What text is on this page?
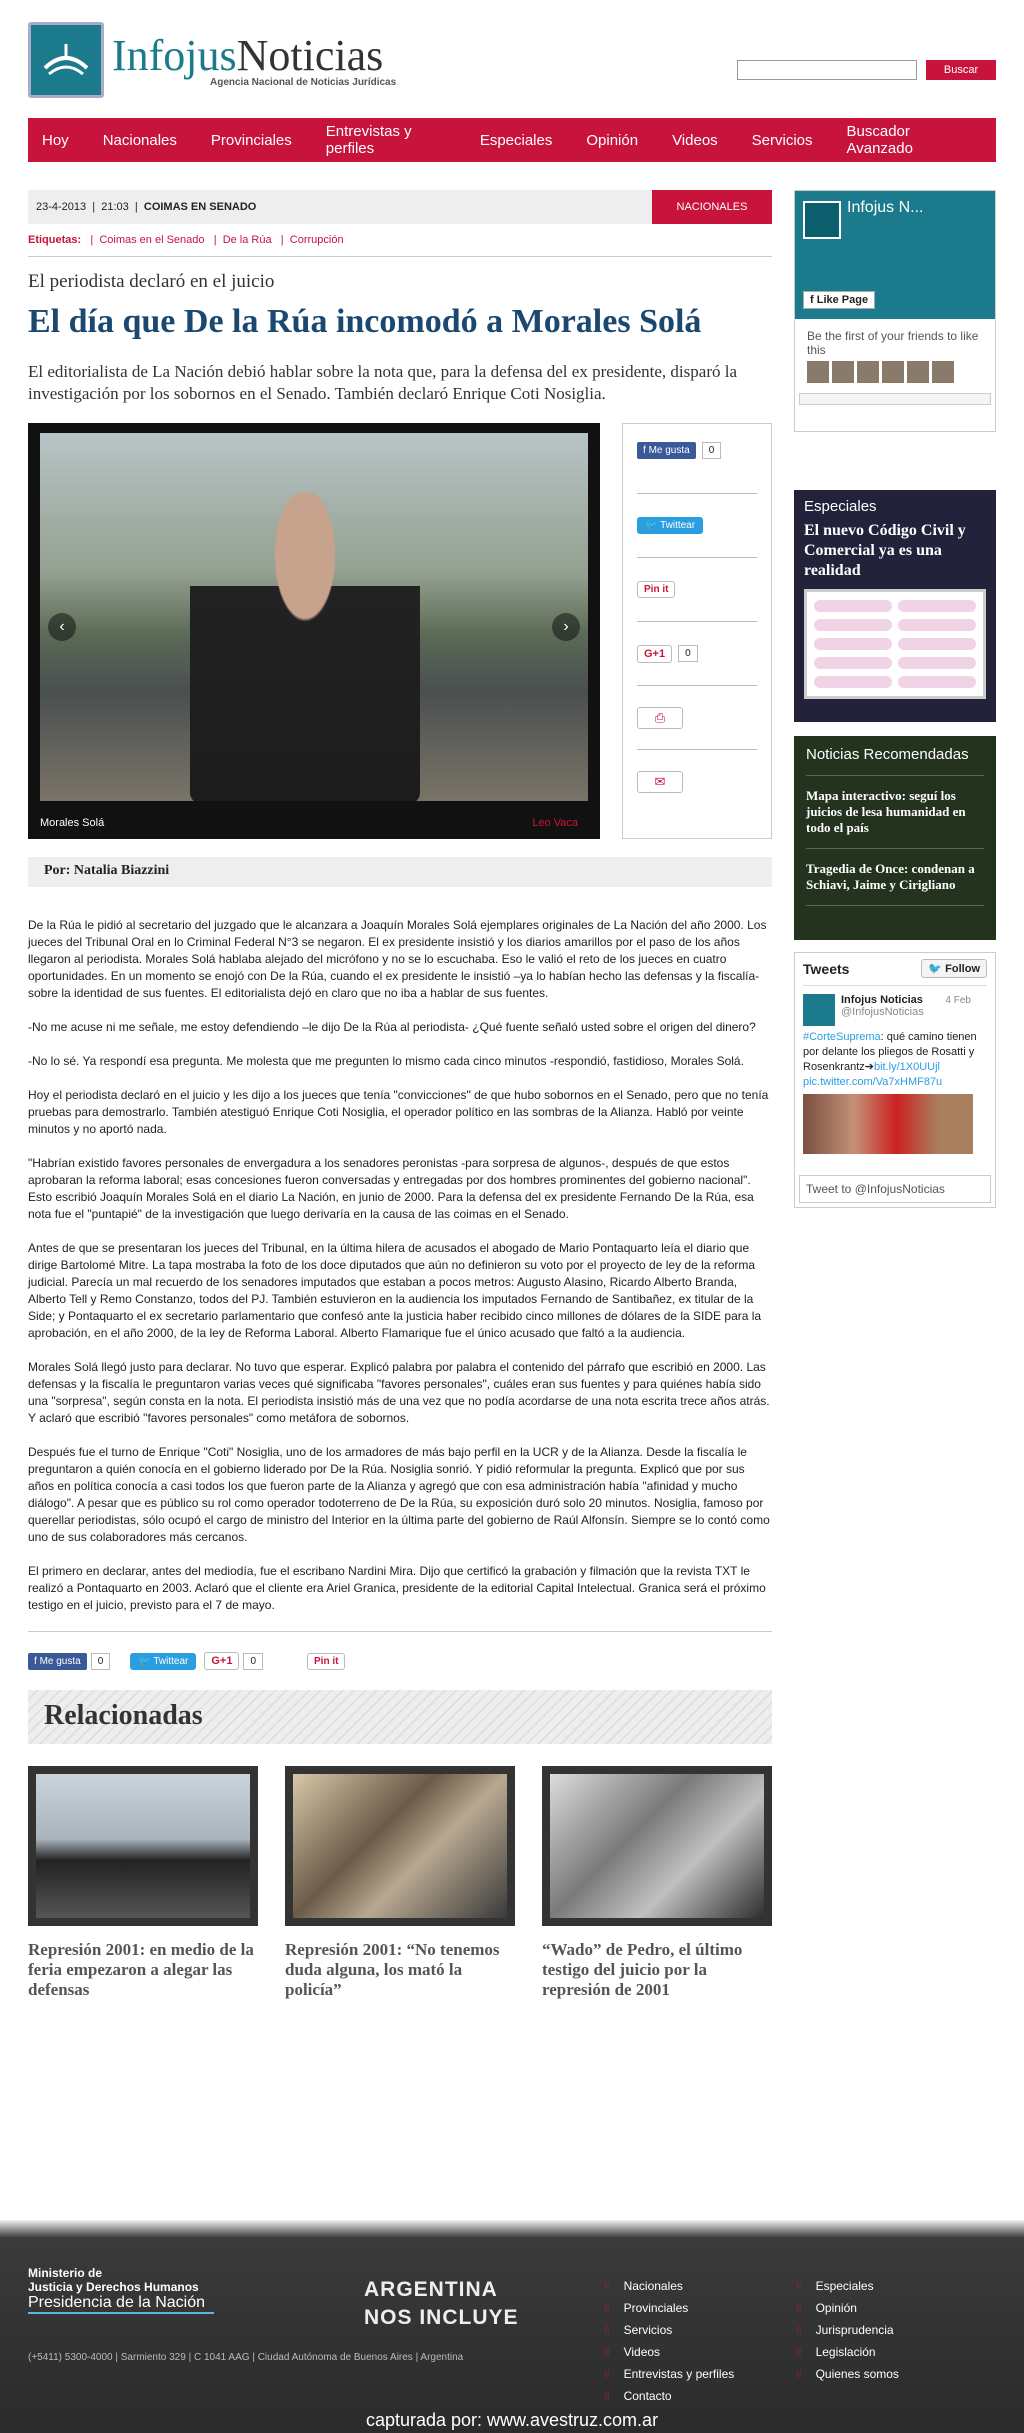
InfojusNoticias
Agencia Nacional de Noticias Jurídicas
Buscar
Hoy Nacionales Provinciales Entrevistas y perfiles	Especiales Opinión Videos Servicios Buscador Avanzado
23-4-2013 | 21:03 | COIMAS EN SENADO	NACIONALES
Etiquetas:   |  Coimas en el Senado   |  De la Rúa   |  Corrupción
El periodista declaró en el juicio
El día que De la Rúa incomodó a Morales Solá

El editorialista de La Nación debió hablar sobre la nota que, para la defensa del ex presidente, disparó la investigación por los sobornos en el Senado. También declaró Enrique Coti Nosiglia.

‹	›
Morales Solá	Leo Vaca
f Me gusta	0
🐦 Twittear
Pin it
G+1	0
⎙
✉
Por: Natalia Biazzini

De la Rúa le pidió al secretario del juzgado que le alcanzara a Joaquín Morales Solá ejemplares originales de La Nación del año 2000. Los jueces del Tribunal Oral en lo Criminal Federal N°3 se negaron. El ex presidente insistió y los diarios amarillos por el paso de los años llegaron al periodista. Morales Solá hablaba alejado del micrófono y no se lo escuchaba. Eso le valió el reto de los jueces en cuatro oportunidades. En un momento se enojó con De la Rúa, cuando el ex presidente le insistió –ya lo habían hecho las defensas y la fiscalía- sobre la identidad de sus fuentes. El editorialista dejó en claro que no iba a hablar de sus fuentes.

-No me acuse ni me señale, me estoy defendiendo –le dijo De la Rúa al periodista- ¿Qué fuente señaló usted sobre el origen del dinero?

-No lo sé. Ya respondí esa pregunta. Me molesta que me pregunten lo mismo cada cinco minutos -respondió, fastidioso, Morales Solá.

Hoy el periodista declaró en el juicio y les dijo a los jueces que tenía "convicciones" de que hubo sobornos en el Senado, pero que no tenía pruebas para demostrarlo. También atestiguó Enrique Coti Nosiglia, el operador político en las sombras de la Alianza. Habló por veinte minutos y no aportó nada.

"Habrían existido favores personales de envergadura a los senadores peronistas -para sorpresa de algunos-, después de que estos aprobaran la reforma laboral; esas concesiones fueron conversadas y entregadas por dos hombres prominentes del gobierno nacional". Esto escribió Joaquín Morales Solá en el diario La Nación, en junio de 2000. Para la defensa del ex presidente Fernando De la Rúa, esa nota fue el "puntapié" de la investigación que luego derivaría en la causa de las coimas en el Senado.

Antes de que se presentaran los jueces del Tribunal, en la última hilera de acusados el abogado de Mario Pontaquarto leía el diario que dirige Bartolomé Mitre. La tapa mostraba la foto de los doce diputados que aún no definieron su voto por el proyecto de ley de la reforma judicial. Parecía un mal recuerdo de los senadores imputados que estaban a pocos metros: Augusto Alasino, Ricardo Alberto Branda, Alberto Tell y Remo Constanzo, todos del PJ. También estuvieron en la audiencia los imputados Fernando de Santibañez, ex titular de la Side; y Pontaquarto el ex secretario parlamentario que confesó ante la justicia haber recibido cinco millones de dólares de la SIDE para la aprobación, en el año 2000, de la ley de Reforma Laboral. Alberto Flamarique fue el único acusado que faltó a la audiencia.

Morales Solá llegó justo para declarar. No tuvo que esperar. Explicó palabra por palabra el contenido del párrafo que escribió en 2000. Las defensas y la fiscalía le preguntaron varias veces qué significaba "favores personales", cuáles eran sus fuentes y para quiénes había sido una "sorpresa", según consta en la nota. El periodista insistió más de una vez que no podía acordarse de una nota escrita trece años atrás. Y aclaró que escribió "favores personales" como metáfora de sobornos.

Después fue el turno de Enrique "Coti" Nosiglia, uno de los armadores de más bajo perfil en la UCR y de la Alianza. Desde la fiscalía le preguntaron a quién conocía en el gobierno liderado por De la Rúa. Nosiglia sonrió. Y pidió reformular la pregunta. Explicó que por sus años en política conocía a casi todos los que fueron parte de la Alianza y agregó que con esa administración había "afinidad y mucho diálogo". A pesar que es público su rol como operador todoterreno de De la Rúa, su exposición duró solo 20 minutos. Nosiglia, famoso por querellar periodistas, sólo ocupó el cargo de ministro del Interior en la última parte del gobierno de Raúl Alfonsín. Siempre se lo contó como uno de sus colaboradores más cercanos.

El primero en declarar, antes del mediodía, fue el escribano Nardini Mira. Dijo que certificó la grabación y filmación que la revista TXT le realizó a Pontaquarto en 2003. Aclaró que el cliente era Ariel Granica, presidente de la editorial Capital Intelectual. Granica será el próximo testigo en el juicio, previsto para el 7 de mayo.

f Me gusta	0	🐦 Twittear	G+1	0	Pin it
Relacionadas
Represión 2001: en medio de la feria empezaron a alegar las defensas
Represión 2001: “No tenemos duda alguna, los mató la policía”
“Wado” de Pedro, el último testigo del juicio por la represión de 2001
Infojus N...
f Like Page
Be the first of your friends to like this
Especiales
El nuevo Código Civil y Comercial ya es una realidad
Noticias Recomendadas
Mapa interactivo: seguí los juicios de lesa humanidad en todo el país
Tragedia de Once: condenan a Schiavi, Jaime y Cirigliano
Tweets	🐦 Follow
Infojus Noticias
@InfojusNoticias
4 Feb
#CorteSuprema: qué camino tienen por delante los pliegos de Rosatti y Rosenkrantz➔bit.ly/1X0UUjl pic.twitter.com/Va7xHMF87u
Tweet to @InfojusNoticias
Ministerio de
Justicia y Derechos Humanos
Presidencia de la Nación
(+5411) 5300-4000 | Sarmiento 329 | C 1041 AAG | Ciudad Autónoma de Buenos Aires | Argentina
ARGENTINA
NOS INCLUYE
⁞⁞ Nacionales
⁞⁞ Provinciales
⁞⁞ Servicios
⁞⁞ Videos
⁞⁞ Entrevistas y perfiles
⁞⁞ Contacto
⁞⁞ Especiales
⁞⁞ Opinión
⁞⁞ Jurisprudencia
⁞⁞ Legislación
⁞⁞ Quienes somos
capturada por: www.avestruz.com.ar
